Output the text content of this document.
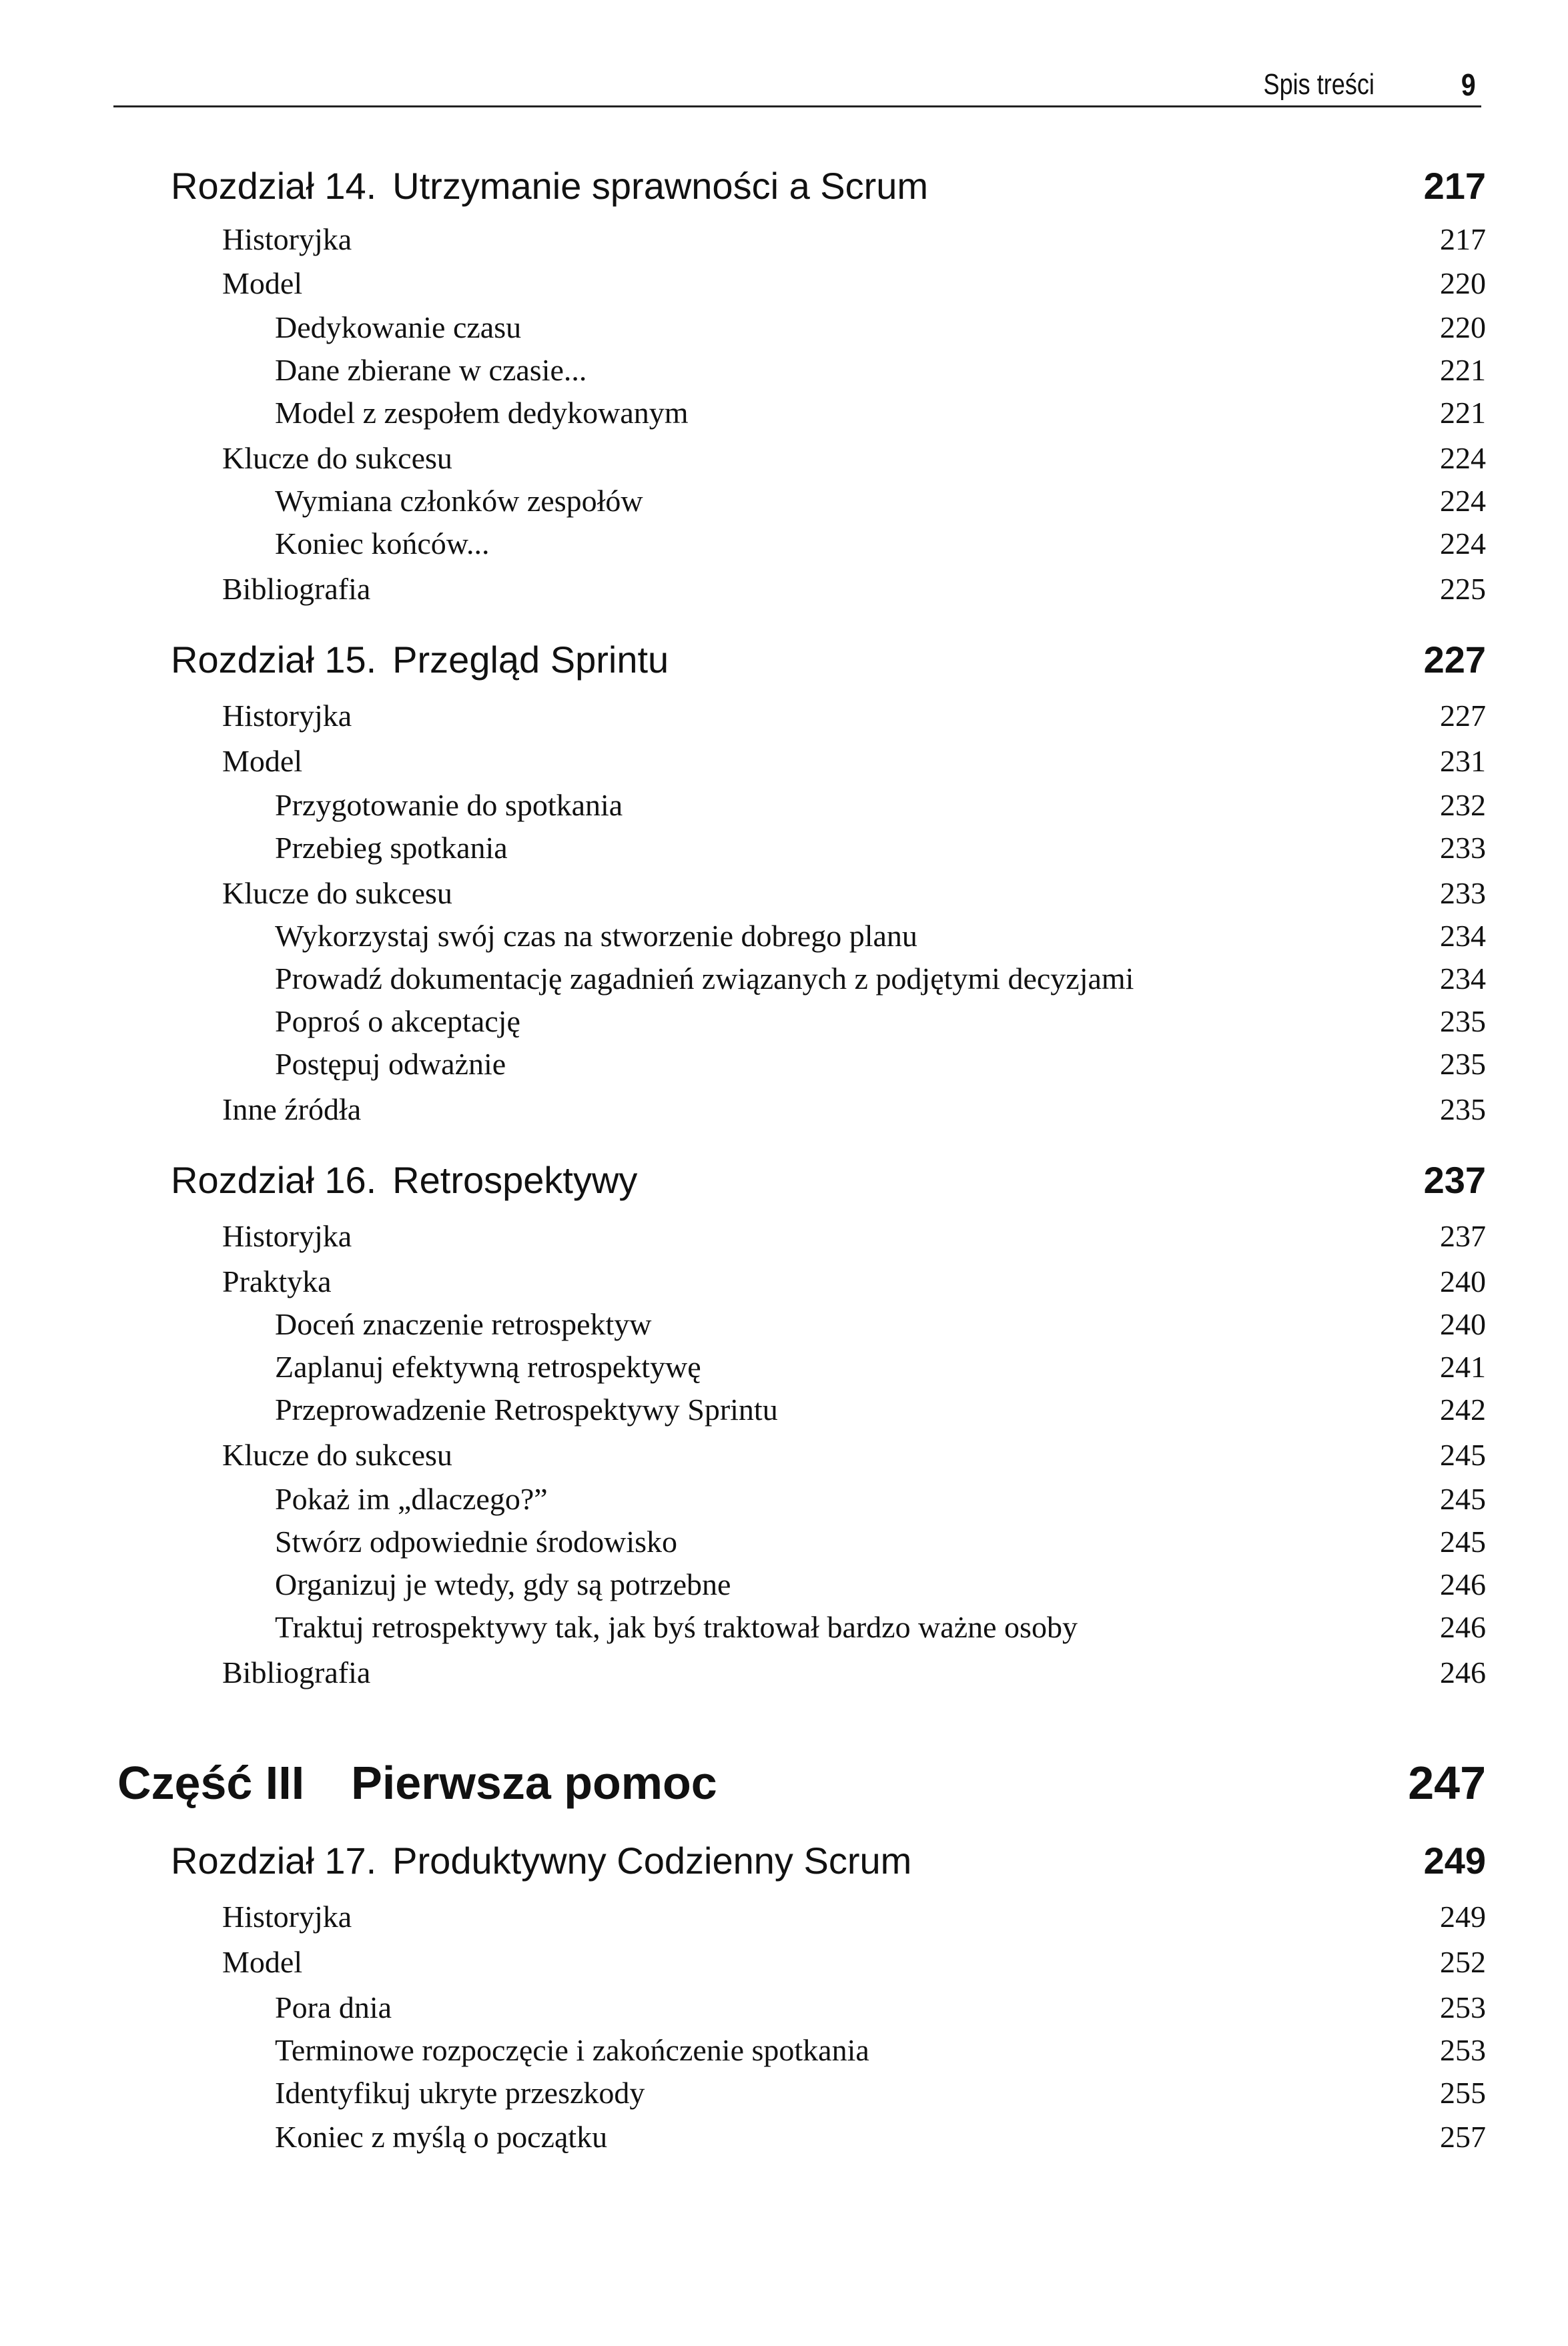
Spis treści	9
Rozdział 14. Utrzymanie sprawności a Scrum	217
Historyjka	217
Model	220
Dedykowanie czasu	220
Dane zbierane w czasie...	221
Model z zespołem dedykowanym	221
Klucze do sukcesu	224
Wymiana członków zespołów	224
Koniec końców...	224
Bibliografia	225
Rozdział 15. Przegląd Sprintu	227
Historyjka	227
Model	231
Przygotowanie do spotkania	232
Przebieg spotkania	233
Klucze do sukcesu	233
Wykorzystaj swój czas na stworzenie dobrego planu	234
Prowadź dokumentację zagadnień związanych z podjętymi decyzjami	234
Poproś o akceptację	235
Postępuj odważnie	235
Inne źródła	235
Rozdział 16. Retrospektywy	237
Historyjka	237
Praktyka	240
Doceń znaczenie retrospektyw	240
Zaplanuj efektywną retrospektywę	241
Przeprowadzenie Retrospektywy Sprintu	242
Klucze do sukcesu	245
Pokaż im „dlaczego?”	245
Stwórz odpowiednie środowisko	245
Organizuj je wtedy, gdy są potrzebne	246
Traktuj retrospektywy tak, jak byś traktował bardzo ważne osoby	246
Bibliografia	246
Część III Pierwsza pomoc	247
Rozdział 17. Produktywny Codzienny Scrum	249
Historyjka	249
Model	252
Pora dnia	253
Terminowe rozpoczęcie i zakończenie spotkania	253
Identyfikuj ukryte przeszkody	255
Koniec z myślą o początku	257
